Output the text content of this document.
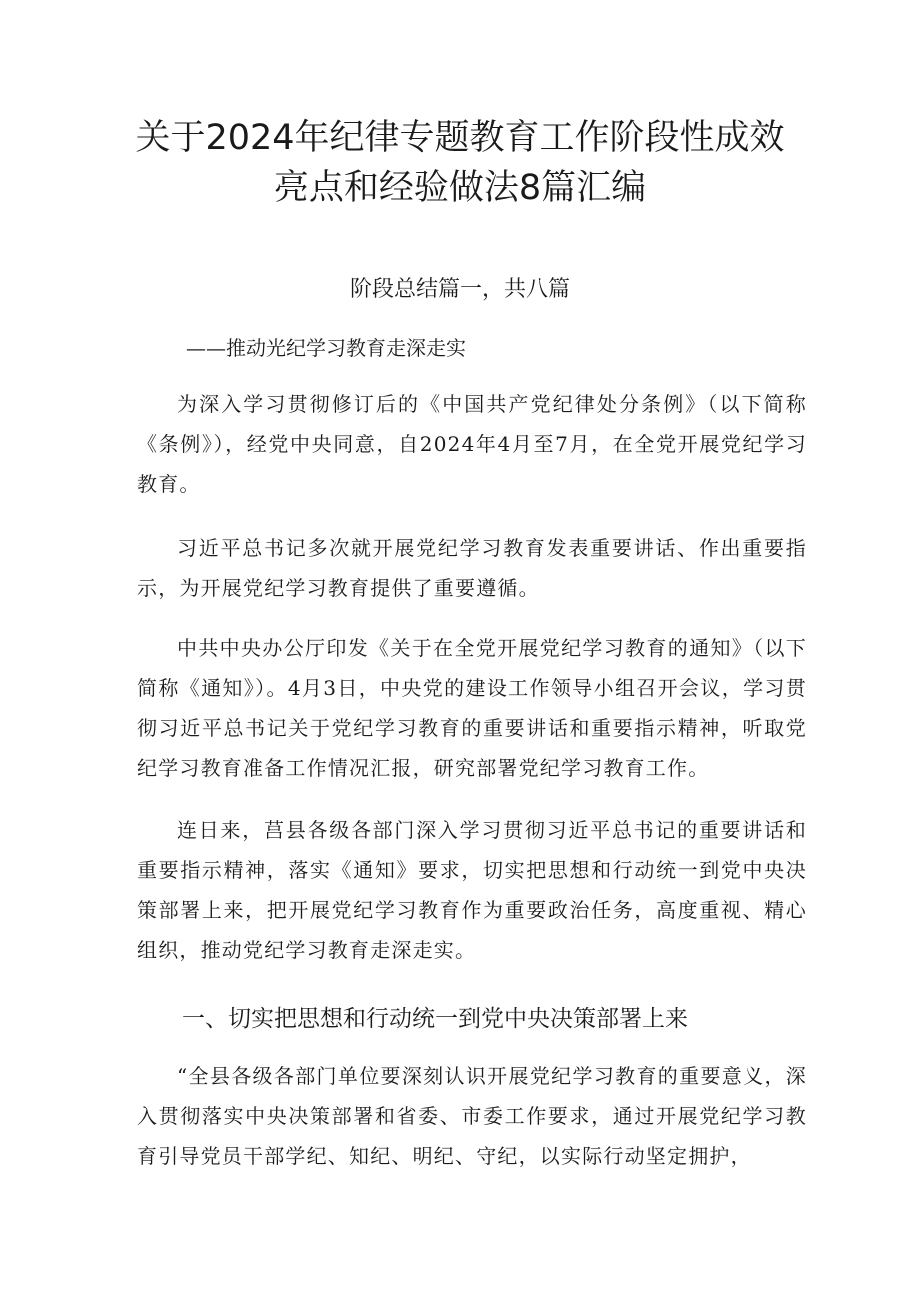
关于2024年纪律专题教育工作阶段性成效
亮点和经验做法8篇汇编
阶段总结篇一，共八篇
——推动光纪学习教育走深走实

为深入学习贯彻修订后的《中国共产党纪律处分条例》（以下简称《条例》），经党中央同意，自2024年4月至7月，在全党开展党纪学习教育。

习近平总书记多次就开展党纪学习教育发表重要讲话、作出重要指示，为开展党纪学习教育提供了重要遵循。

中共中央办公厅印发《关于在全党开展党纪学习教育的通知》（以下简称《通知》）。4月3日，中央党的建设工作领导小组召开会议，学习贯彻习近平总书记关于党纪学习教育的重要讲话和重要指示精神，听取党纪学习教育准备工作情况汇报，研究部署党纪学习教育工作。

连日来，莒县各级各部门深入学习贯彻习近平总书记的重要讲话和重要指示精神，落实《通知》要求，切实把思想和行动统一到党中央决策部署上来，把开展党纪学习教育作为重要政治任务，高度重视、精心组织，推动党纪学习教育走深走实。

一、切实把思想和行动统一到党中央决策部署上来

“全县各级各部门单位要深刻认识开展党纪学习教育的重要意义，深入贯彻落实中央决策部署和省委、市委工作要求，通过开展党纪学习教育引导党员干部学纪、知纪、明纪、守纪，以实际行动坚定拥护，
